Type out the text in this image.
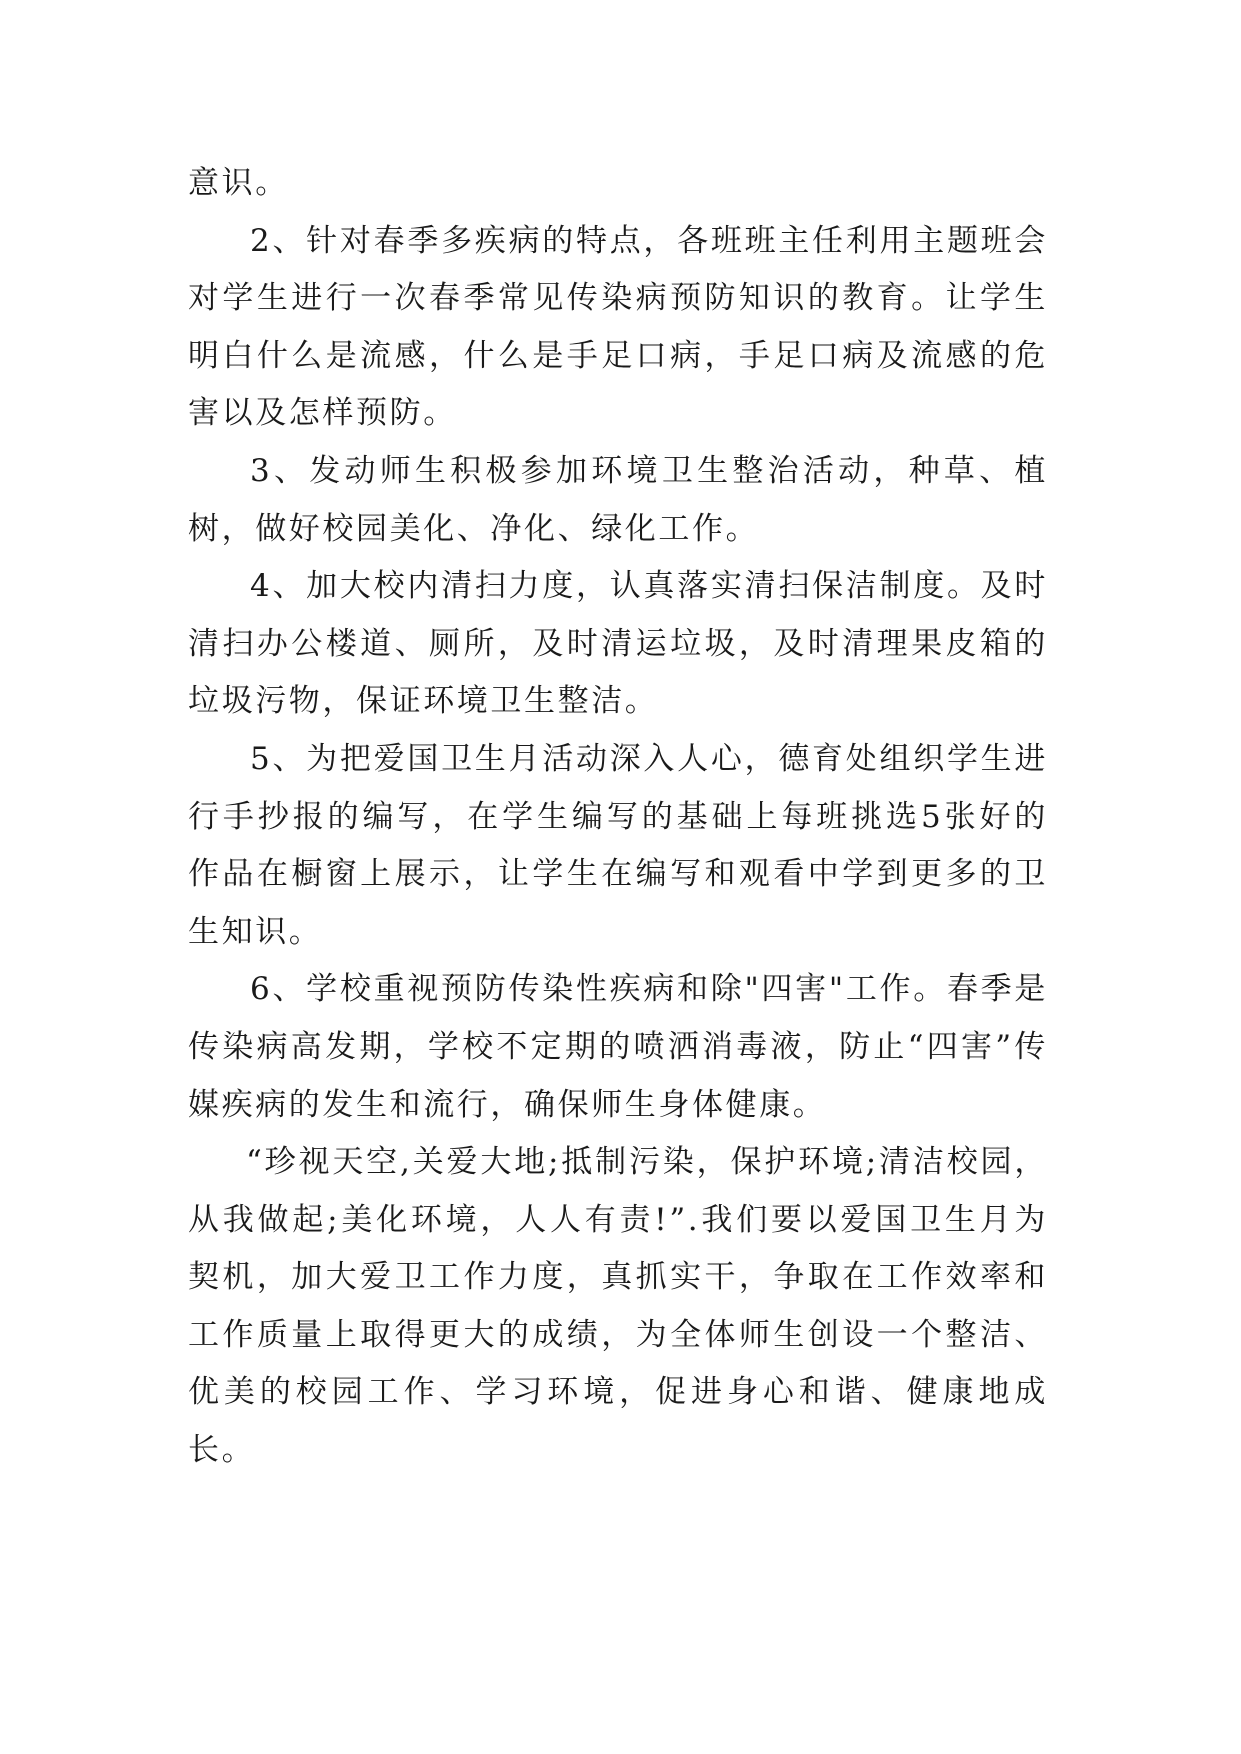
意识。

2、针对春季多疾病的特点，各班班主任利用主题班会对学生进行一次春季常见传染病预防知识的教育。让学生明白什么是流感，什么是手足口病，手足口病及流感的危害以及怎样预防。

3、发动师生积极参加环境卫生整治活动，种草、植树，做好校园美化、净化、绿化工作。

4、加大校内清扫力度，认真落实清扫保洁制度。及时清扫办公楼道、厕所，及时清运垃圾，及时清理果皮箱的垃圾污物，保证环境卫生整洁。

5、为把爱国卫生月活动深入人心，德育处组织学生进行手抄报的编写，在学生编写的基础上每班挑选5张好的作品在橱窗上展示，让学生在编写和观看中学到更多的卫生知识。

6、学校重视预防传染性疾病和除"四害"工作。春季是传染病高发期，学校不定期的喷洒消毒液，防止“四害”传媒疾病的发生和流行，确保师生身体健康。

“珍视天空,关爱大地;抵制污染，保护环境;清洁校园，从我做起;美化环境，人人有责!”.我们要以爱国卫生月为契机，加大爱卫工作力度，真抓实干，争取在工作效率和工作质量上取得更大的成绩，为全体师生创设一个整洁、优美的校园工作、学习环境，促进身心和谐、健康地成长。
